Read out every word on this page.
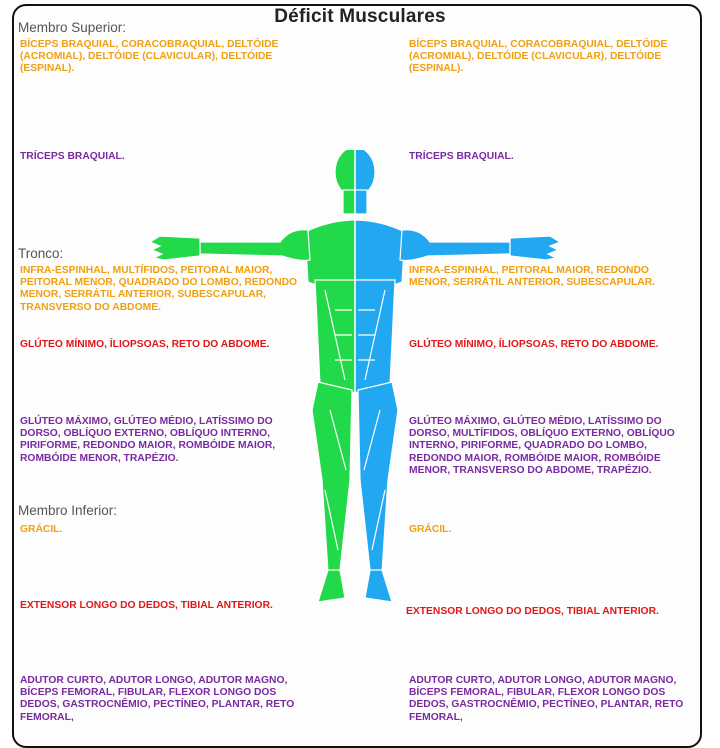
Déficit Musculares
Membro Superior:
Tronco:
Membro Inferior:
BÍCEPS BRAQUIAL, CORACOBRAQUIAL, DELTÓIDE (ACROMIAL), DELTÓIDE (CLAVICULAR), DELTÓIDE (ESPINAL).
TRÍCEPS BRAQUIAL.
INFRA-ESPINHAL, MULTÍFIDOS, PEITORAL MAIOR, PEITORAL MENOR, QUADRADO DO LOMBO, REDONDO MENOR, SERRÁTIL ANTERIOR, SUBESCAPULAR, TRANSVERSO DO ABDOME.
GLÚTEO MÍNIMO, ÍLIOPSOAS, RETO DO ABDOME.
GLÚTEO MÁXIMO, GLÚTEO MÉDIO, LATÍSSIMO DO DORSO, OBLÍQUO EXTERNO, OBLÍQUO INTERNO, PIRIFORME, REDONDO MAIOR, ROMBÓIDE MAIOR, ROMBÓIDE MENOR, TRAPÉZIO.
GRÁCIL.
EXTENSOR LONGO DO DEDOS, TIBIAL ANTERIOR.
ADUTOR CURTO, ADUTOR LONGO, ADUTOR MAGNO, BÍCEPS FEMORAL, FIBULAR, FLEXOR LONGO DOS DEDOS, GASTROCNÊMIO, PECTÍNEO, PLANTAR, RETO FEMORAL,
BÍCEPS BRAQUIAL, CORACOBRAQUIAL, DELTÓIDE (ACROMIAL), DELTÓIDE (CLAVICULAR), DELTÓIDE (ESPINAL).
TRÍCEPS BRAQUIAL.
INFRA-ESPINHAL, PEITORAL MAIOR, REDONDO MENOR, SERRÁTIL ANTERIOR, SUBESCAPULAR.
GLÚTEO MÍNIMO, ÍLIOPSOAS, RETO DO ABDOME.
GLÚTEO MÁXIMO, GLÚTEO MÉDIO, LATÍSSIMO DO DORSO, MULTÍFIDOS, OBLÍQUO EXTERNO, OBLÍQUO INTERNO, PIRIFORME, QUADRADO DO LOMBO, REDONDO MAIOR, ROMBÓIDE MAIOR, ROMBÓIDE MENOR, TRANSVERSO DO ABDOME, TRAPÉZIO.
GRÁCIL.
EXTENSOR LONGO DO DEDOS, TIBIAL ANTERIOR.
ADUTOR CURTO, ADUTOR LONGO, ADUTOR MAGNO, BÍCEPS FEMORAL, FIBULAR, FLEXOR LONGO DOS DEDOS, GASTROCNÊMIO, PECTÍNEO, PLANTAR, RETO FEMORAL,
